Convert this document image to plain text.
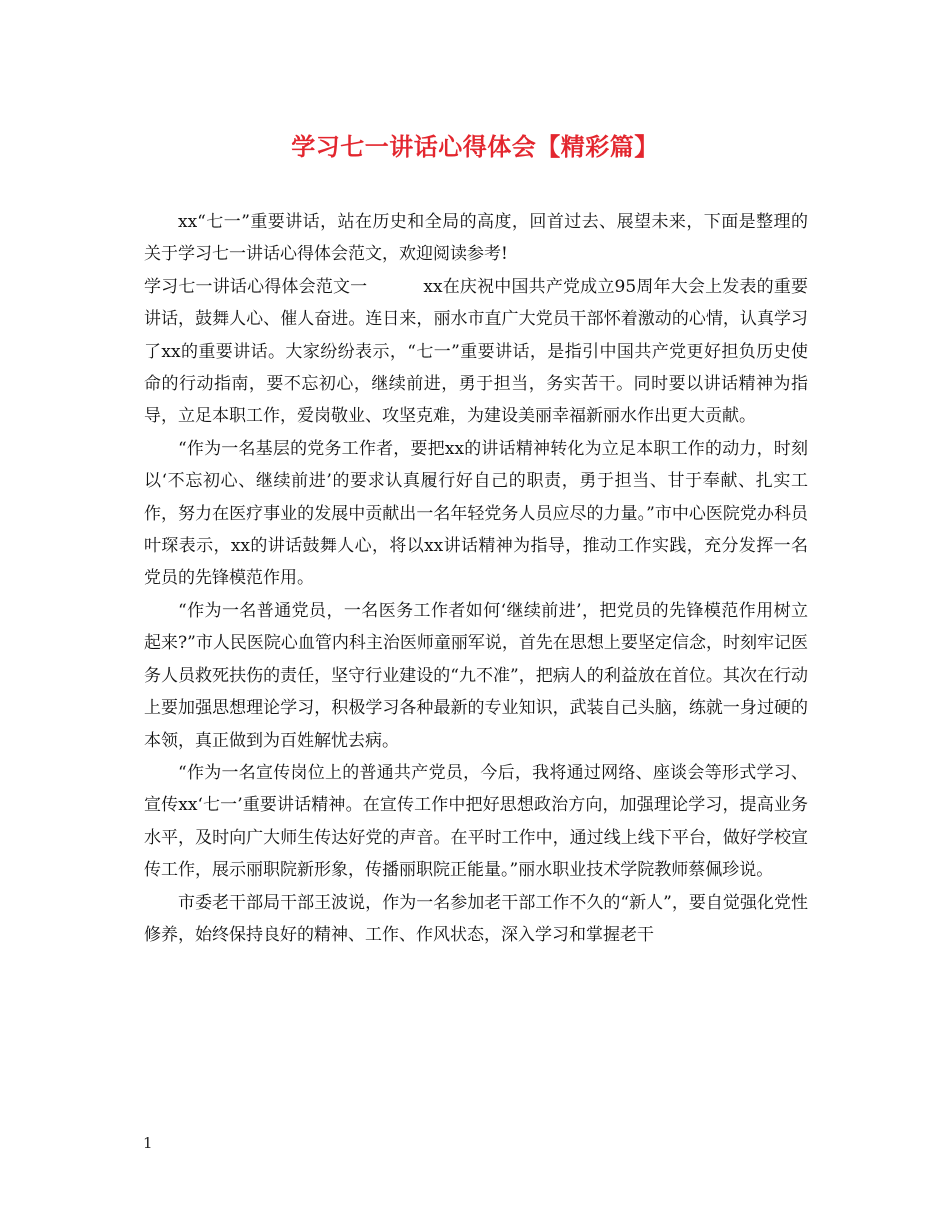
学习七一讲话心得体会【精彩篇】

xx“七一”重要讲话，站在历史和全局的高度，回首过去、展望未来，下面是整理的关于学习七一讲话心得体会范文，欢迎阅读参考!

学习七一讲话心得体会范文一	xx在庆祝中国共产党成立95周年大会上发表的重要讲话，鼓舞人心、催人奋进。连日来，丽水市直广大党员干部怀着激动的心情，认真学习了xx的重要讲话。大家纷纷表示，“七一”重要讲话，是指引中国共产党更好担负历史使命的行动指南，要不忘初心，继续前进，勇于担当，务实苦干。同时要以讲话精神为指导，立足本职工作，爱岗敬业、攻坚克难，为建设美丽幸福新丽水作出更大贡献。

“作为一名基层的党务工作者，要把xx的讲话精神转化为立足本职工作的动力，时刻以‘不忘初心、继续前进’的要求认真履行好自己的职责，勇于担当、甘于奉献、扎实工作，努力在医疗事业的发展中贡献出一名年轻党务人员应尽的力量。”市中心医院党办科员叶琛表示，xx的讲话鼓舞人心，将以xx讲话精神为指导，推动工作实践，充分发挥一名党员的先锋模范作用。

“作为一名普通党员，一名医务工作者如何‘继续前进’，把党员的先锋模范作用树立起来?”市人民医院心血管内科主治医师童丽军说，首先在思想上要坚定信念，时刻牢记医务人员救死扶伤的责任，坚守行业建设的“九不准”，把病人的利益放在首位。其次在行动上要加强思想理论学习，积极学习各种最新的专业知识，武装自己头脑，练就一身过硬的本领，真正做到为百姓解忧去病。

“作为一名宣传岗位上的普通共产党员，今后，我将通过网络、座谈会等形式学习、宣传xx‘七一’重要讲话精神。在宣传工作中把好思想政治方向，加强理论学习，提高业务水平，及时向广大师生传达好党的声音。在平时工作中，通过线上线下平台，做好学校宣传工作，展示丽职院新形象，传播丽职院正能量。”丽水职业技术学院教师蔡佩珍说。

市委老干部局干部王波说，作为一名参加老干部工作不久的“新人”，要自觉强化党性修养，始终保持良好的精神、工作、作风状态，深入学习和掌握老干

1
